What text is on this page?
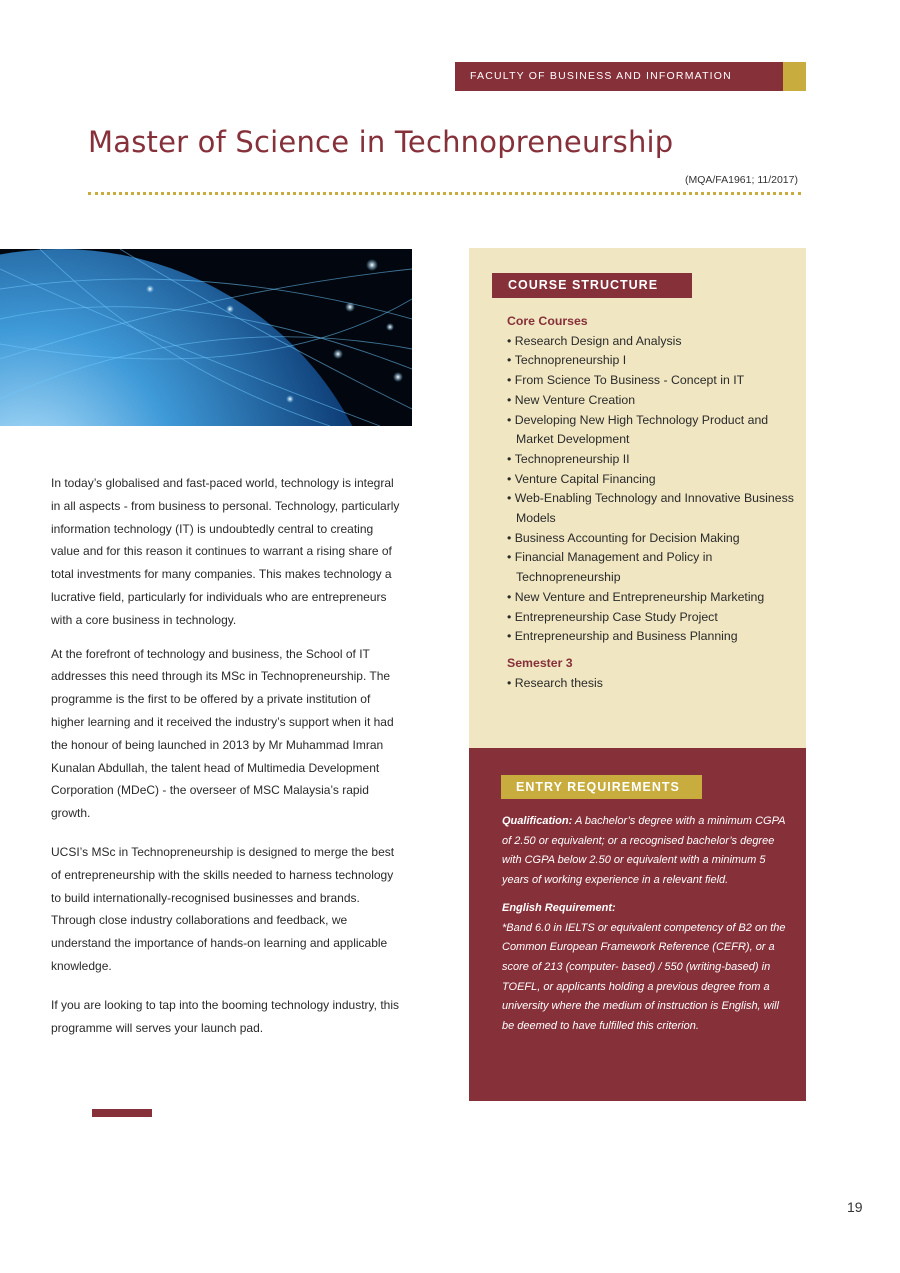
FACULTY OF BUSINESS AND INFORMATION SCIENCE
Master of Science in Technopreneurship
(MQA/FA1961; 11/2017)

In today’s globalised and fast-paced world, technology is integral in all aspects - from business to personal. Technology, particularly information technology (IT) is undoubtedly central to creating value and for this reason it continues to warrant a rising share of total investments for many companies. This makes technology a lucrative field, particularly for individuals who are entrepreneurs with a core business in technology.

At the forefront of technology and business, the School of IT addresses this need through its MSc in Technopreneurship. The programme is the first to be offered by a private institution of higher learning and it received the industry’s support when it had the honour of being launched in 2013 by Mr Muhammad Imran Kunalan Abdullah, the talent head of Multimedia Development Corporation (MDeC) - the overseer of MSC Malaysia’s rapid growth.

UCSI’s MSc in Technopreneurship is designed to merge the best of entrepreneurship with the skills needed to harness technology to build internationally-recognised businesses and brands. Through close industry collaborations and feedback, we understand the importance of hands-on learning and applicable knowledge.

If you are looking to tap into the booming technology industry, this programme will serves your launch pad.

COURSE STRUCTURE
Core Courses
• Research Design and Analysis
• Technopreneurship I
• From Science To Business - Concept in IT
• New Venture Creation
• Developing New High Technology Product and Market Development
• Technopreneurship II
• Venture Capital Financing
• Web-Enabling Technology and Innovative Business Models
• Business Accounting for Decision Making
• Financial Management and Policy in Technopreneurship
• New Venture and Entrepreneurship Marketing
• Entrepreneurship Case Study Project
• Entrepreneurship and Business Planning
Semester 3
• Research thesis
ENTRY REQUIREMENTS

Qualification: A bachelor’s degree with a minimum CGPA of 2.50 or equivalent; or a recognised bachelor’s degree with CGPA below 2.50 or equivalent with a minimum 5 years of working experience in a relevant field.

English Requirement:

*Band 6.0 in IELTS or equivalent competency of B2 on the Common European Framework Reference (CEFR), or a score of 213 (computer- based) / 550 (writing-based) in TOEFL, or applicants holding a previous degree from a university where the medium of instruction is English, will be deemed to have fulfilled this criterion.

19
